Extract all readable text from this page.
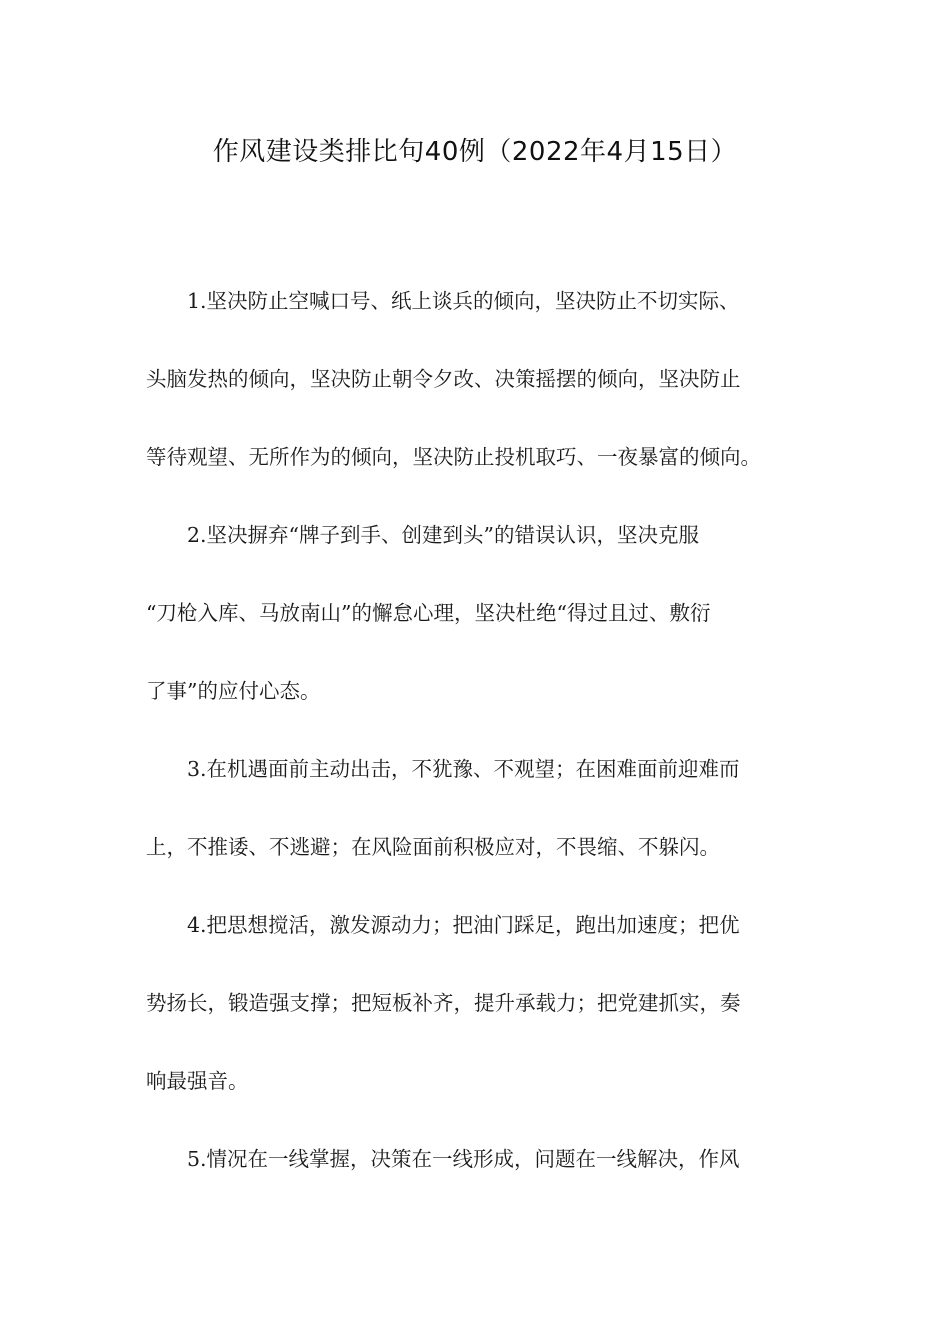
作风建设类排比句40例（2022年4月15日）
1.坚决防止空喊口号、纸上谈兵的倾向，坚决防止不切实际、
头脑发热的倾向，坚决防止朝令夕改、决策摇摆的倾向，坚决防止
等待观望、无所作为的倾向，坚决防止投机取巧、一夜暴富的倾向。
2.坚决摒弃“牌子到手、创建到头”的错误认识，坚决克服
“刀枪入库、马放南山”的懈怠心理，坚决杜绝“得过且过、敷衍
了事”的应付心态。
3.在机遇面前主动出击，不犹豫、不观望；在困难面前迎难而
上，不推诿、不逃避；在风险面前积极应对，不畏缩、不躲闪。
4.把思想搅活，激发源动力；把油门踩足，跑出加速度；把优
势扬长，锻造强支撑；把短板补齐，提升承载力；把党建抓实，奏
响最强音。
5.情况在一线掌握，决策在一线形成，问题在一线解决，作风
